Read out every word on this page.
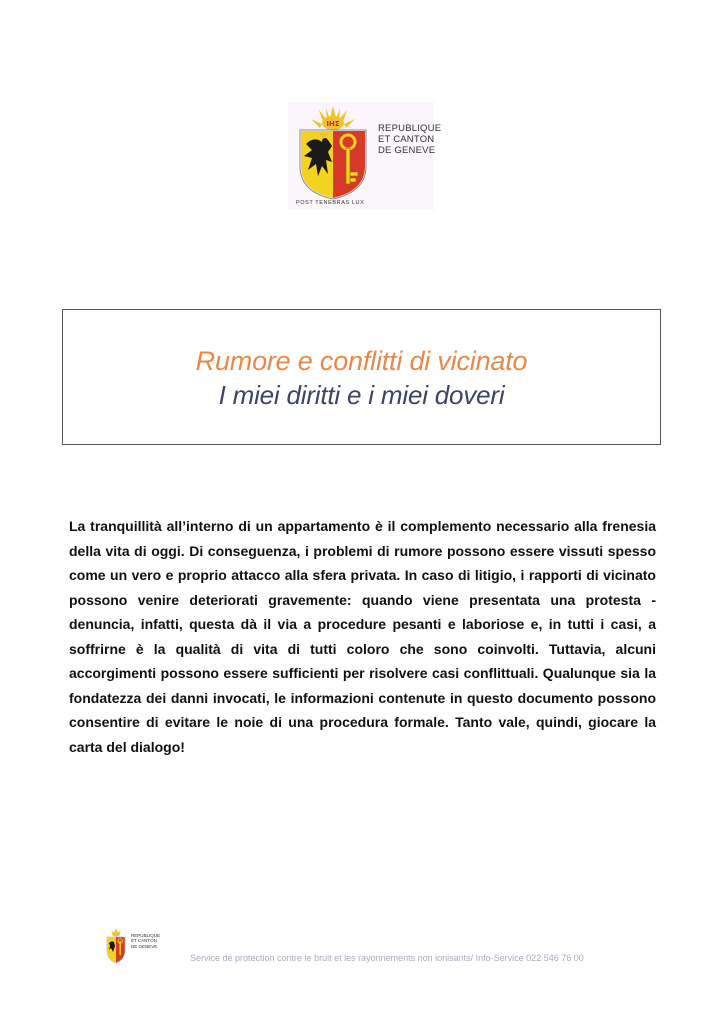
IHΣ	REPUBLIQUE
ET CANTON
DE GENEVE
POST TENEBRAS LUX
Rumore e conflitti di vicinato
I miei diritti e i miei doveri
La tranquillità all’interno di un appartamento è il complemento necessario alla frenesia della vita di oggi. Di conseguenza, i problemi di rumore possono essere vissuti spesso come un vero e proprio attacco alla sfera privata. In caso di litigio, i rapporti di vicinato possono venire deteriorati gravemente: quando viene presentata una protesta - denuncia, infatti, questa dà il via a procedure pesanti e laboriose e, in tutti i casi, a soffrirne è la qualità di vita di tutti coloro che sono coinvolti. Tuttavia, alcuni accorgimenti possono essere sufficienti per risolvere casi conflittuali. Qualunque sia la fondatezza dei danni invocati, le informazioni contenute in questo documento possono consentire di evitare le noie di una procedura formale. Tanto vale, quindi, giocare la carta del dialogo!
REPUBLIQUE
ET CANTON
DE GENEVE
Service de protection contre le bruit et les rayonnements non ionisants/ Info-Service 022 546 76 00
